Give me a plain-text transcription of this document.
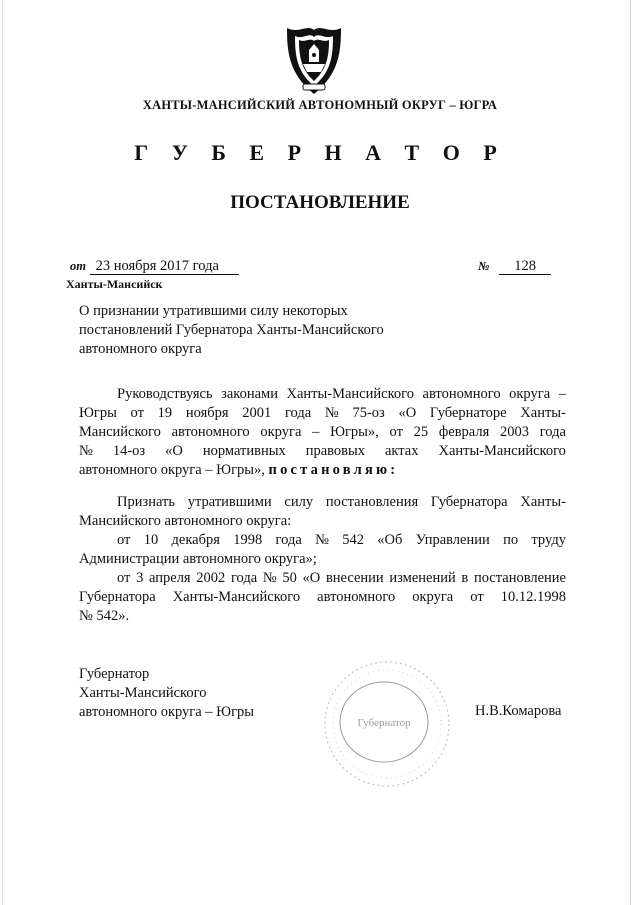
ХАНТЫ-МАНСИЙСКИЙ АВТОНОМНЫЙ ОКРУГ – ЮГРА
Г У Б Е Р Н А Т О Р
ПОСТАНОВЛЕНИЕ
от 23 ноября 2017 года	№ 128
Ханты-Мансийск
О признании утратившими силу некоторых
постановлений Губернатора Ханты-Мансийского
автономного округа
Руководствуясь законами Ханты-Мансийского автономного округа –
Югры от 19 ноября 2001 года № 75-оз «О Губернаторе Ханты-
Мансийского автономного округа – Югры», от 25 февраля 2003 года
№ 14-оз «О нормативных правовых актах Ханты-Мансийского
автономного округа – Югры»,
постановляю:
Признать утратившими силу постановления Губернатора Ханты-
Мансийского автономного округа:
от 10 декабря 1998 года № 542 «Об Управлении по труду
Администрации автономного округа»;
от 3 апреля 2002 года № 50 «О внесении изменений в постановление
Губернатора Ханты-Мансийского автономного округа от 10.12.1998
№ 542».
Губернатор
Ханты-Мансийского
автономного округа – Югры
Губернатор
Н.В.Комарова
